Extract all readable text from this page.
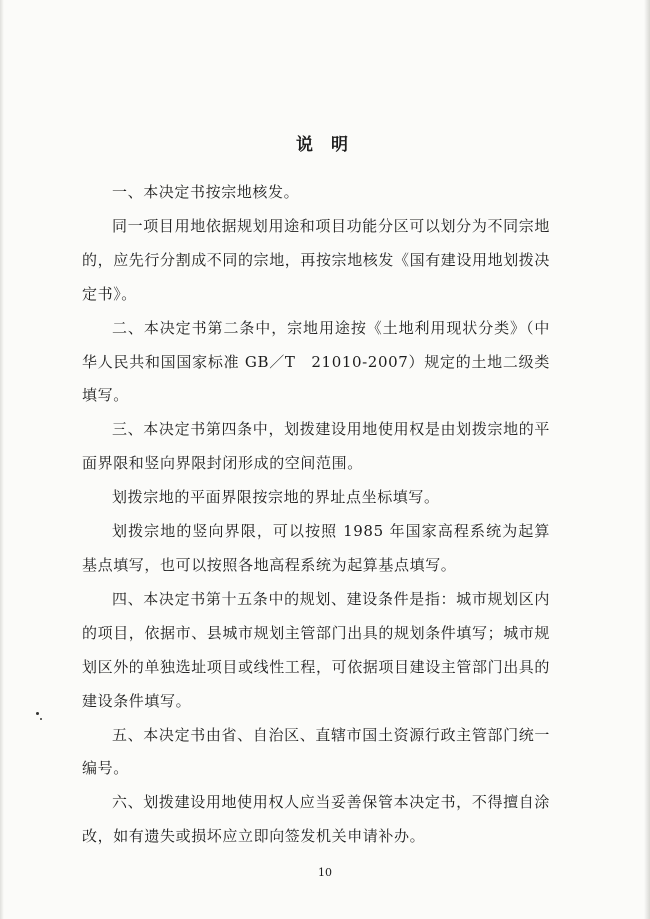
说 明

一、本决定书按宗地核发。

同一项目用地依据规划用途和项目功能分区可以划分为不同宗地的，应先行分割成不同的宗地，再按宗地核发《国有建设用地划拨决定书》。

二、本决定书第二条中，宗地用途按《土地利用现状分类》（中华人民共和国国家标准 GB／T　21010-2007）规定的土地二级类填写。

三、本决定书第四条中，划拨建设用地使用权是由划拨宗地的平面界限和竖向界限封闭形成的空间范围。

划拨宗地的平面界限按宗地的界址点坐标填写。

划拨宗地的竖向界限，可以按照 1985 年国家高程系统为起算基点填写，也可以按照各地高程系统为起算基点填写。

四、本决定书第十五条中的规划、建设条件是指：城市规划区内的项目，依据市、县城市规划主管部门出具的规划条件填写；城市规划区外的单独选址项目或线性工程，可依据项目建设主管部门出具的建设条件填写。

五、本决定书由省、自治区、直辖市国土资源行政主管部门统一编号。

六、划拨建设用地使用权人应当妥善保管本决定书，不得擅自涂改，如有遗失或损坏应立即向签发机关申请补办。

10
